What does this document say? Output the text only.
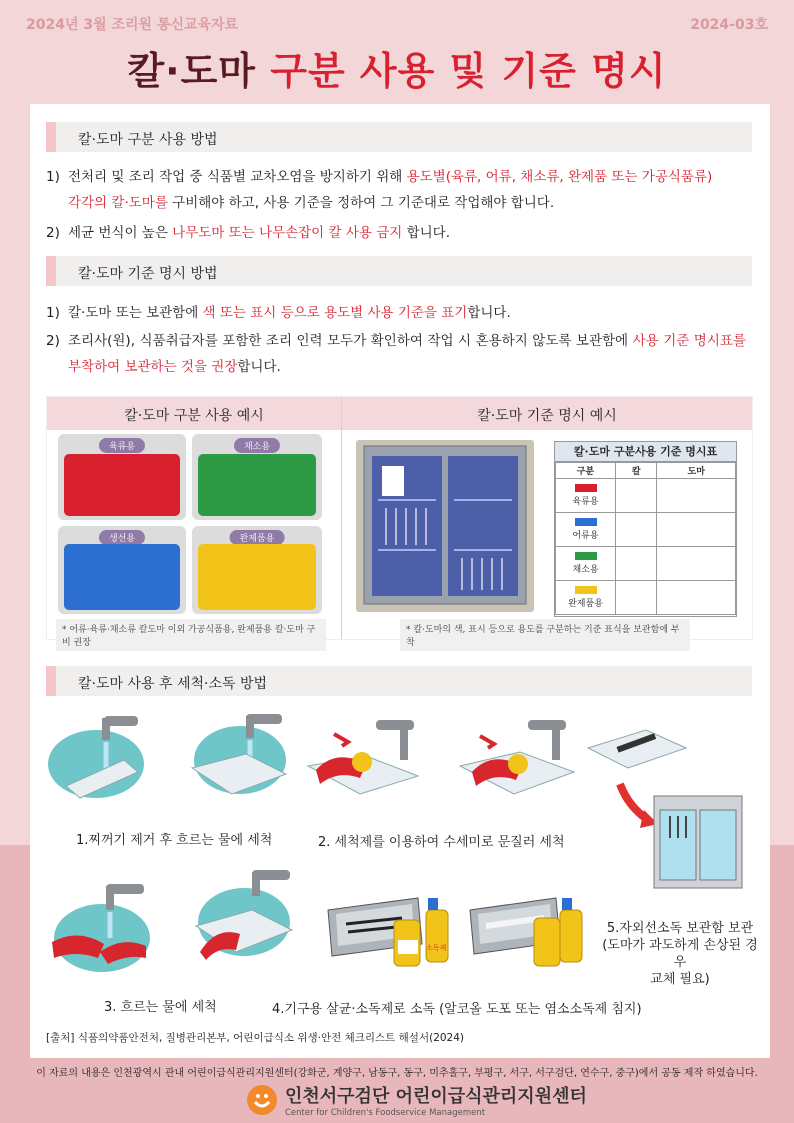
2024년 3월 조리원 통신교육자료	2024-03호
칼·도마 구분 사용 및 기준 명시
칼·도마 구분 사용 방법
1) 전처리 및 조리 작업 중 식품별 교차오염을 방지하기 위해 용도별(육류, 어류, 채소류, 완제품 또는 가공식품류)
각각의 칼·도마를 구비해야 하고, 사용 기준을 정하여 그 기준대로 작업해야 합니다.
2) 세균 번식이 높은 나무도마 또는 나무손잡이 칼 사용 금지 합니다.
칼·도마 기준 명시 방법
1) 칼·도마 또는 보관함에 색 또는 표시 등으로 용도별 사용 기준을 표기합니다.
2) 조리사(원), 식품취급자를 포함한 조리 인력 모두가 확인하여 작업 시 혼용하지 않도록 보관함에 사용 기준 명시표를 부착하여 보관하는 것을 권장합니다.
칼·도마 구분 사용 예시	칼·도마 기준 명시 예시
육류용	채소용
생선용	완제품용
* 어류·육류·채소류 칼도마 이외 가공식품용, 완제품용 칼·도마 구비 권장
칼·도마 구분사용 기준 명시표
구분	칼	도마

육류용		

어류용		

채소용		

완제품용		
* 칼·도마의 색, 표시 등으로 용도를 구분하는 기준 표식을 보관함에 부착
칼·도마 사용 후 세척·소독 방법
1.찌꺼기 제거 후 흐르는 물에 세척	2. 세척제를 이용하여 수세미로 문질러 세척
소독제
5.자외선소독 보관함 보관
(도마가 과도하게 손상된 경우
교체 필요)
3. 흐르는 물에 세척	4.기구용 살균·소독제로 소독 (알코올 도포 또는 염소소독제 침지)
[출처] 식품의약품안전처, 질병관리본부, 어린이급식소 위생·안전 체크리스트 해설서(2024)
이 자료의 내용은 인천광역시 관내 어린이급식관리지원센터(강화군, 계양구, 남동구, 동구, 미추홀구, 부평구, 서구, 서구검단, 연수구, 중구)에서 공동 제작 하였습니다.
인천서구검단 어린이급식관리지원센터
Center for Children's Foodservice Management
